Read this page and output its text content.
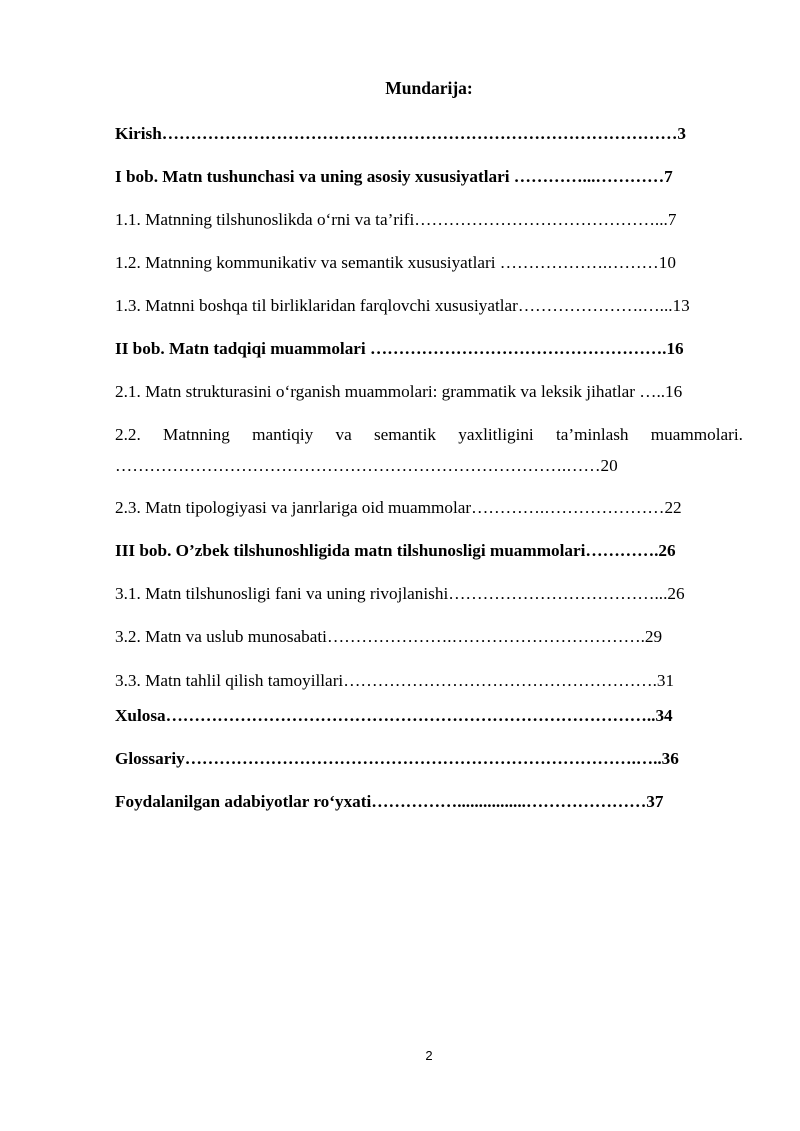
Mundarija:
Kirish………………………………………………………………………………3
I bob. Matn tushunchasi va uning asosiy xususiyatlari …………...…………7
1.1. Matnning tilshunoslikda o‘rni va ta’rifi……………………………………...7
1.2. Matnning kommunikativ va semantik xususiyatlari ……………….………10
1.3. Matnni boshqa til birliklaridan farqlovchi xususiyatlar………………….…...13
II bob. Matn tadqiqi muammolari …………………………………………….16
2.1. Matn strukturasini o‘rganish muammolari: grammatik va leksik jihatlar …..16
2.2. Matnning mantiqiy va semantik yaxlitligini ta’minlash muammolari.
…………………………………………………………………….……20
2.3. Matn tipologiyasi va janrlariga oid muammolar………….…………………22
III bob. O’zbek tilshunoshligida matn tilshunosligi muammolari………….26
3.1. Matn tilshunosligi fani va uning rivojlanishi………………………………...26
3.2. Matn va uslub munosabati………………….…………………………….29
3.3. Matn tahlil qilish tamoyillari……………………………………………….31
Xulosa…………………………………………………………………………..34
Glossariy…………………………………………………………………….…..36
Foydalanilgan adabiyotlar ro‘yxati……………................…………………37
2
